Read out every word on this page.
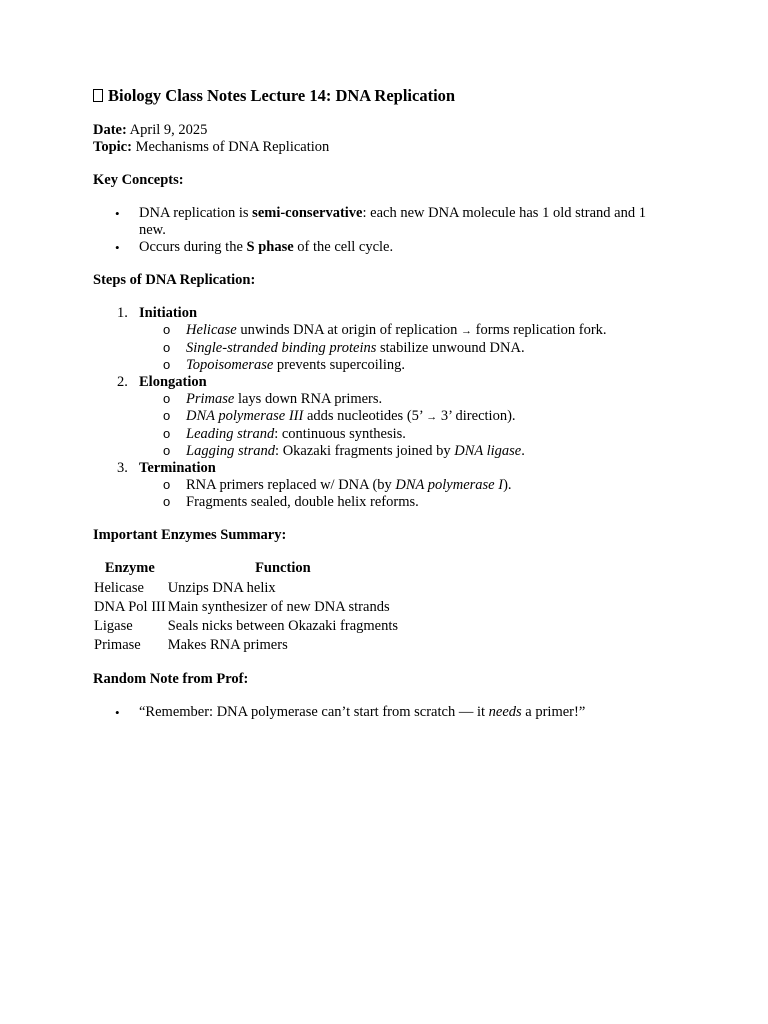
Biology Class Notes Lecture 14: DNA Replication

Date: April 9, 2025

Topic: Mechanisms of DNA Replication

Key Concepts:
• DNA replication is semi-conservative: each new DNA molecule has 1 old strand and 1 new.
• Occurs during the S phase of the cell cycle.
Steps of DNA Replication:
1. Initiation
o Helicase unwinds DNA at origin of replication → forms replication fork.
o Single-stranded binding proteins stabilize unwound DNA.
o Topoisomerase prevents supercoiling.
2. Elongation
o Primase lays down RNA primers.
o DNA polymerase III adds nucleotides (5’ → 3’ direction).
o Leading strand: continuous synthesis.
o Lagging strand: Okazaki fragments joined by DNA ligase.
3. Termination
o RNA primers replaced w/ DNA (by DNA polymerase I).
o Fragments sealed, double helix reforms.
Important Enzymes Summary:
Enzyme	Function
Helicase	Unzips DNA helix
DNA Pol III	Main synthesizer of new DNA strands
Ligase	Seals nicks between Okazaki fragments
Primase	Makes RNA primers
Random Note from Prof:
• “Remember: DNA polymerase can’t start from scratch — it needs a primer!”
